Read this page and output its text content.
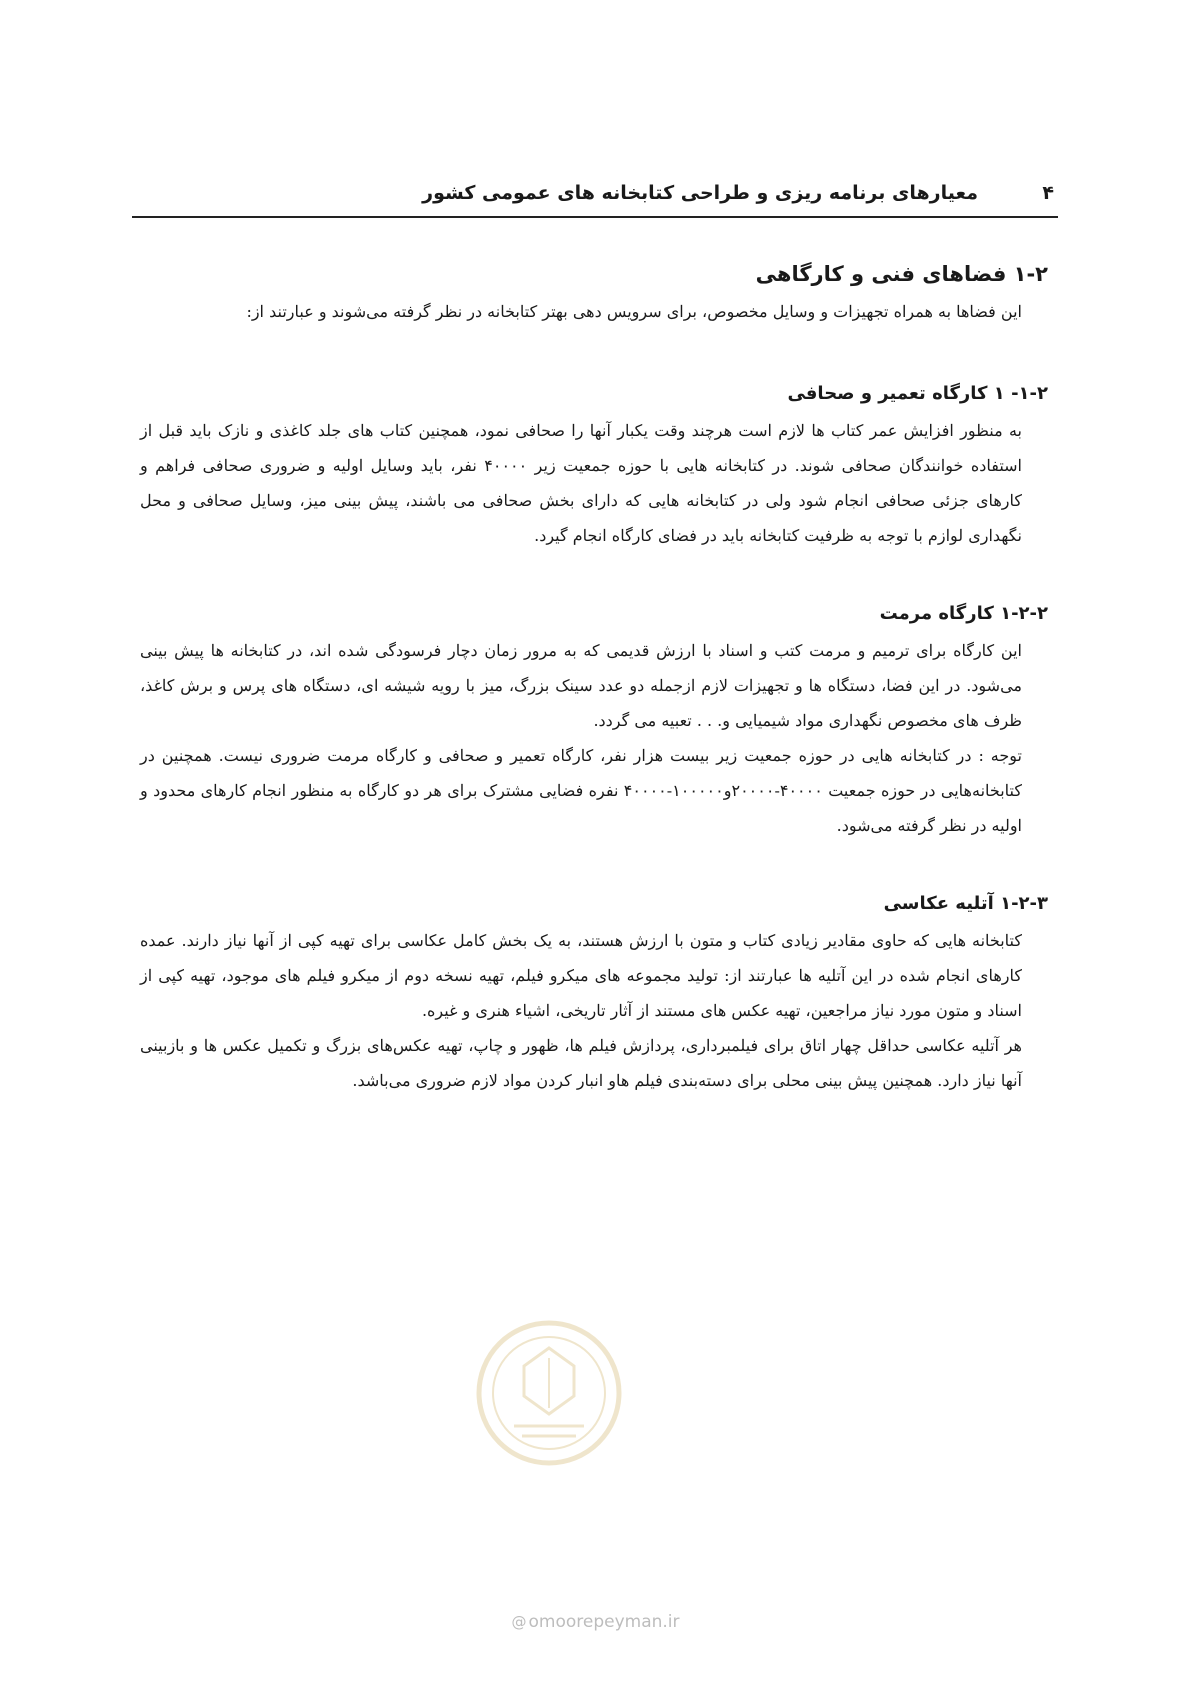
معیارهای برنامه ریزی و طراحی کتابخانه های عمومی کشور	۴
۱-۲ فضاهای فنی و کارگاهی

این فضاها به همراه تجهیزات و وسایل مخصوص، برای سرویس دهی بهتر کتابخانه در نظر گرفته می‌شوند و عبارتند از:

۱-۲- ۱ کارگاه تعمیر و صحافی

به منظور افزایش عمر کتاب ها لازم است هرچند وقت یکبار آنها را صحافی نمود، همچنین کتاب های جلد کاغذی و نازک باید قبل از استفاده خوانندگان صحافی شوند. در کتابخانه هایی با حوزه جمعیت زیر ۴۰۰۰۰ نفر، باید وسایل اولیه و ضروری صحافی فراهم و کارهای جزئی صحافی انجام شود ولی در کتابخانه هایی که دارای بخش صحافی می باشند، پیش بینی میز، وسایل صحافی و محل نگهداری لوازم با توجه به ظرفیت کتابخانه باید در فضای کارگاه انجام گیرد.

۱-۲-۲ کارگاه مرمت

این کارگاه برای ترمیم و مرمت کتب و اسناد با ارزش قدیمی که به مرور زمان دچار فرسودگی شده اند، در کتابخانه ها پیش بینی می‌شود. در این فضا، دستگاه ها و تجهیزات لازم ازجمله دو عدد سینک بزرگ، میز با رویه شیشه ای، دستگاه های پرس و برش کاغذ، ظرف های مخصوص نگهداری مواد شیمیایی و. . . تعبیه می گردد.

توجه : در کتابخانه هایی در حوزه جمعیت زیر بیست هزار نفر، کارگاه تعمیر و صحافی و کارگاه مرمت ضروری نیست. همچنین در کتابخانه‌هایی در حوزه جمعیت ۴۰۰۰۰-۲۰۰۰۰و۱۰۰۰۰۰-۴۰۰۰۰ نفره فضایی مشترک برای هر دو کارگاه به منظور انجام کارهای محدود و اولیه در نظر گرفته می‌شود.

۱-۲-۳ آتلیه عکاسی

کتابخانه هایی که حاوی مقادیر زیادی کتاب و متون با ارزش هستند، به یک بخش کامل عکاسی برای تهیه کپی از آنها نیاز دارند. عمده کارهای انجام شده در این آتلیه ها عبارتند از: تولید مجموعه های میکرو فیلم، تهیه نسخه دوم از میکرو فیلم های موجود، تهیه کپی از اسناد و متون مورد نیاز مراجعین، تهیه عکس های مستند از آثار تاریخی، اشیاء هنری و غیره.

هر آتلیه عکاسی حداقل چهار اتاق برای فیلمبرداری، پردازش فیلم ها، ظهور و چاپ، تهیه عکس‌های بزرگ و تکمیل عکس ها و بازبینی آنها نیاز دارد. همچنین پیش بینی محلی برای دسته‌بندی فیلم هاو انبار کردن مواد لازم ضروری می‌باشد.

@ omoorepeyman.ir
